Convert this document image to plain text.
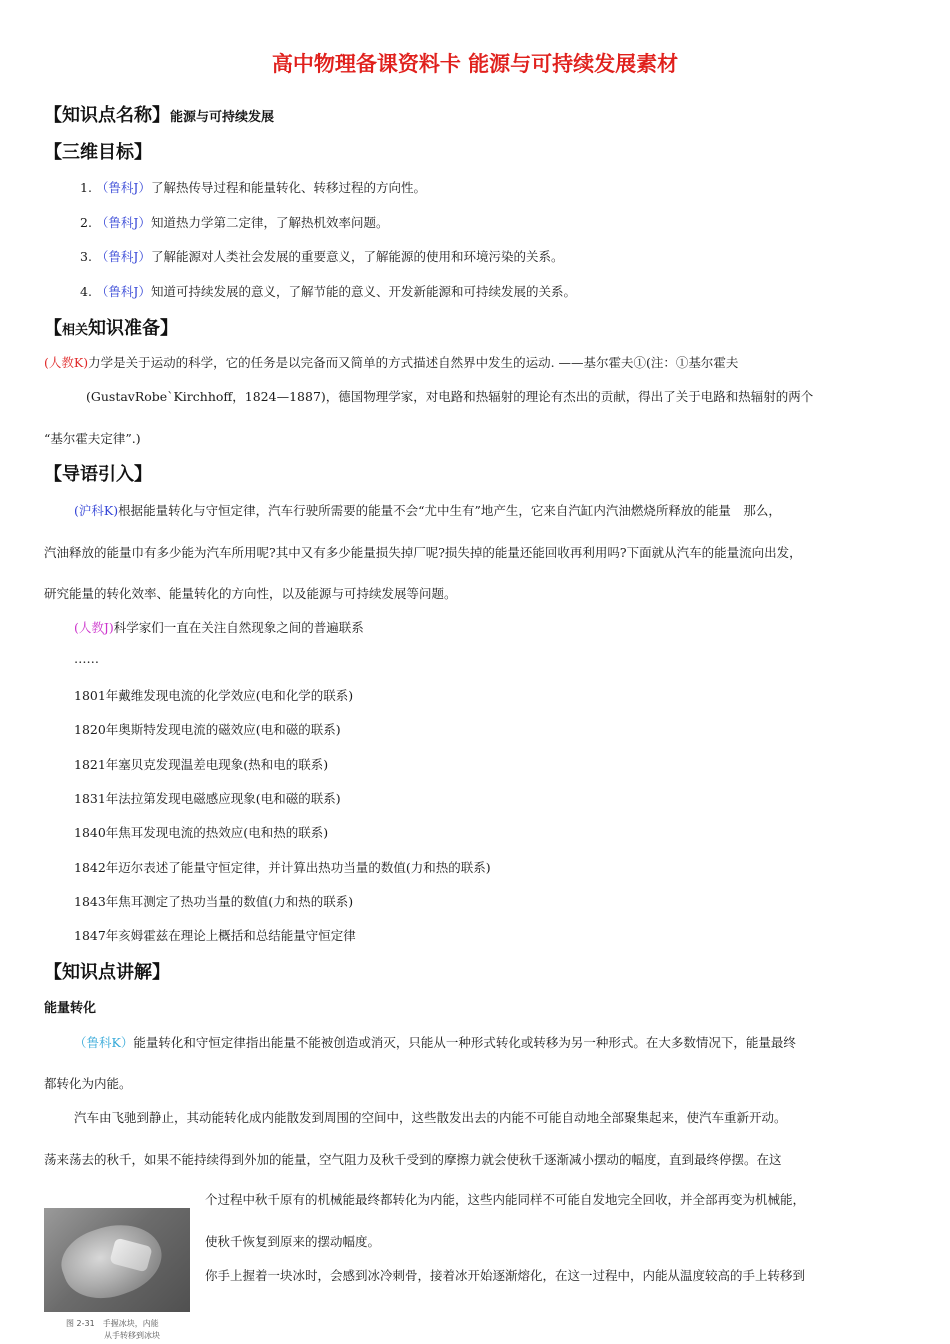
高中物理备课资料卡 能源与可持续发展素材
【知识点名称】能源与可持续发展
【三维目标】
1. （鲁科J）了解热传导过程和能量转化、转移过程的方向性。
2. （鲁科J）知道热力学第二定律，了解热机效率问题。
3. （鲁科J）了解能源对人类社会发展的重要意义，了解能源的使用和环境污染的关系。
4. （鲁科J）知道可持续发展的意义，了解节能的意义、开发新能源和可持续发展的关系。
【相关知识准备】
(人教K)力学是关于运动的科学，它的任务是以完备而又简单的方式描述自然界中发生的运动. ——基尔霍夫①(注：①基尔霍夫
(GustavRobe`Kirchhoff，1824—1887)，德国物理学家，对电路和热辐射的理论有杰出的贡献，得出了关于电路和热辐射的两个
“基尔霍夫定律”.)
【导语引入】
(沪科K)根据能量转化与守恒定律，汽车行驶所需要的能量不会“尤中生有”地产生，它来自汽缸内汽油燃烧所释放的能量　那么，
汽油释放的能量巾有多少能为汽车所用呢?其中又有多少能量损失掉厂呢?损失掉的能量还能回收再利用吗?下面就从汽车的能量流向出发，
研究能量的转化效率、能量转化的方向性，以及能源与可持续发展等问题。
(人教J)科学家们一直在关注自然现象之间的普遍联系
……
1801年戴维发现电流的化学效应(电和化学的联系)
1820年奥斯特发现电流的磁效应(电和磁的联系)
1821年塞贝克发现温差电现象(热和电的联系)
1831年法拉第发现电磁感应现象(电和磁的联系)
1840年焦耳发现电流的热效应(电和热的联系)
1842年迈尔表述了能量守恒定律，并计算出热功当量的数值(力和热的联系)
1843年焦耳测定了热功当量的数值(力和热的联系)
1847年亥姆霍兹在理论上概括和总结能量守恒定律
【知识点讲解】
能量转化
（鲁科K）能量转化和守恒定律指出能量不能被创造或消灭，只能从一种形式转化或转移为另一种形式。在大多数情况下，能量最终
都转化为内能。
汽车由飞驰到静止，其动能转化成内能散发到周围的空间中，这些散发出去的内能不可能自动地全部聚集起来，使汽车重新开动。
荡来荡去的秋千，如果不能持续得到外加的能量，空气阻力及秋千受到的摩擦力就会使秋千逐渐减小摆动的幅度，直到最终停摆。在这
个过程中秋千原有的机械能最终都转化为内能，这些内能同样不可能自发地完全回收，并全部再变为机械能，
使秋千恢复到原来的摆动幅度。
你手上握着一块冰时，会感到冰冷刺骨，接着冰开始逐渐熔化，在这一过程中，内能从温度较高的手上转移到
图 2-31　手握冰块，内能
从手转移到冰块
